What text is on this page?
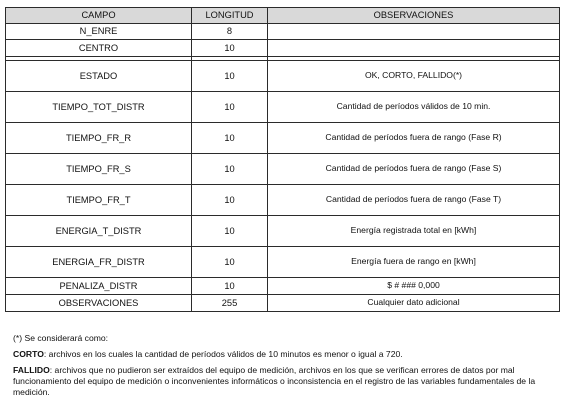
CAMPO	LONGITUD	OBSERVACIONES
N_ENRE	8	
CENTRO	10	

ESTADO	10	OK, CORTO, FALLIDO(*)
TIEMPO_TOT_DISTR	10	Cantidad de períodos válidos de 10 min.
TIEMPO_FR_R	10	Cantidad de períodos fuera de rango (Fase R)
TIEMPO_FR_S	10	Cantidad de períodos fuera de rango (Fase S)
TIEMPO_FR_T	10	Cantidad de períodos fuera de rango (Fase T)
ENERGIA_T_DISTR	10	Energía registrada total en [kWh]
ENERGIA_FR_DISTR	10	Energía fuera de rango en [kWh]
PENALIZA_DISTR	10	$ # ### 0,000
OBSERVACIONES	255	Cualquier dato adicional

(*) Se considerará como:

CORTO: archivos en los cuales la cantidad de períodos válidos de 10 minutos es menor o igual a 720.

FALLIDO: archivos que no pudieron ser extraídos del equipo de medición, archivos en los que se verifican errores de datos por mal funcionamiento del equipo de medición o inconvenientes informáticos o inconsistencia en el registro de las variables fundamentales de la medición.
